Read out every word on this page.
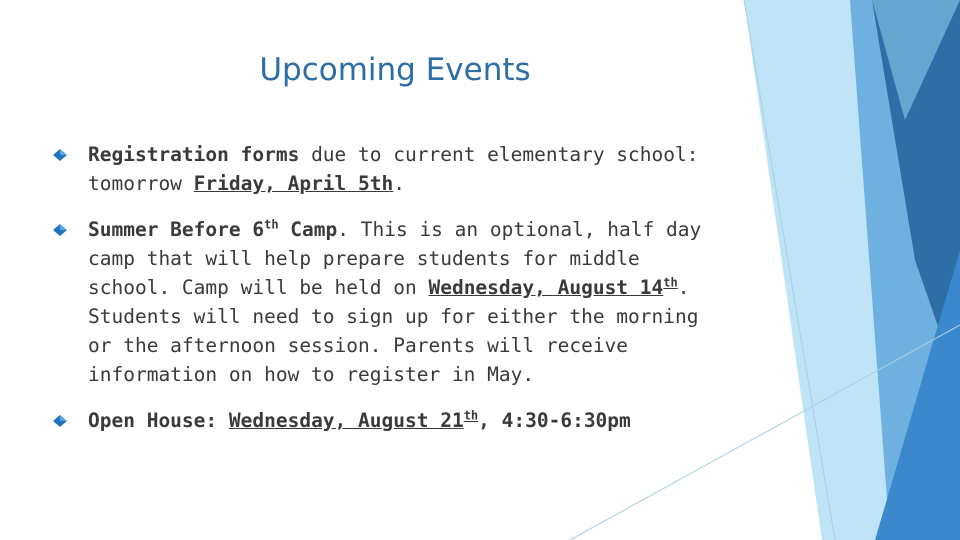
Upcoming Events
Registration forms due to current elementary school: tomorrow Friday, April 5th.
Summer Before 6th Camp. This is an optional, half day camp that will help prepare students for middle school. Camp will be held on Wednesday, August 14th. Students will need to sign up for either the morning or the afternoon session. Parents will receive information on how to register in May.
Open House: Wednesday, August 21th, 4:30-6:30pm
